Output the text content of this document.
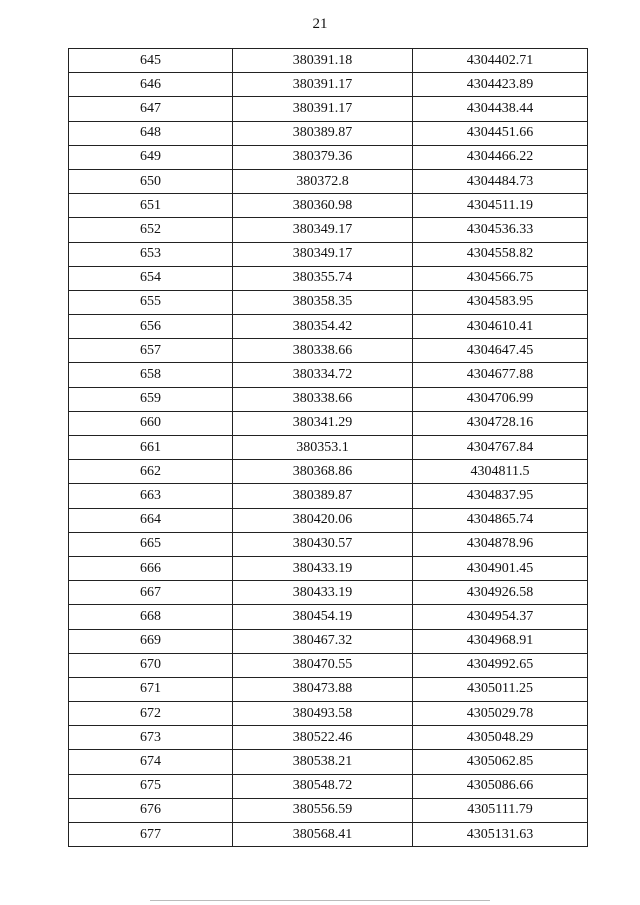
21
645	380391.18	4304402.71
646	380391.17	4304423.89
647	380391.17	4304438.44
648	380389.87	4304451.66
649	380379.36	4304466.22
650	380372.8	4304484.73
651	380360.98	4304511.19
652	380349.17	4304536.33
653	380349.17	4304558.82
654	380355.74	4304566.75
655	380358.35	4304583.95
656	380354.42	4304610.41
657	380338.66	4304647.45
658	380334.72	4304677.88
659	380338.66	4304706.99
660	380341.29	4304728.16
661	380353.1	4304767.84
662	380368.86	4304811.5
663	380389.87	4304837.95
664	380420.06	4304865.74
665	380430.57	4304878.96
666	380433.19	4304901.45
667	380433.19	4304926.58
668	380454.19	4304954.37
669	380467.32	4304968.91
670	380470.55	4304992.65
671	380473.88	4305011.25
672	380493.58	4305029.78
673	380522.46	4305048.29
674	380538.21	4305062.85
675	380548.72	4305086.66
676	380556.59	4305111.79
677	380568.41	4305131.63
